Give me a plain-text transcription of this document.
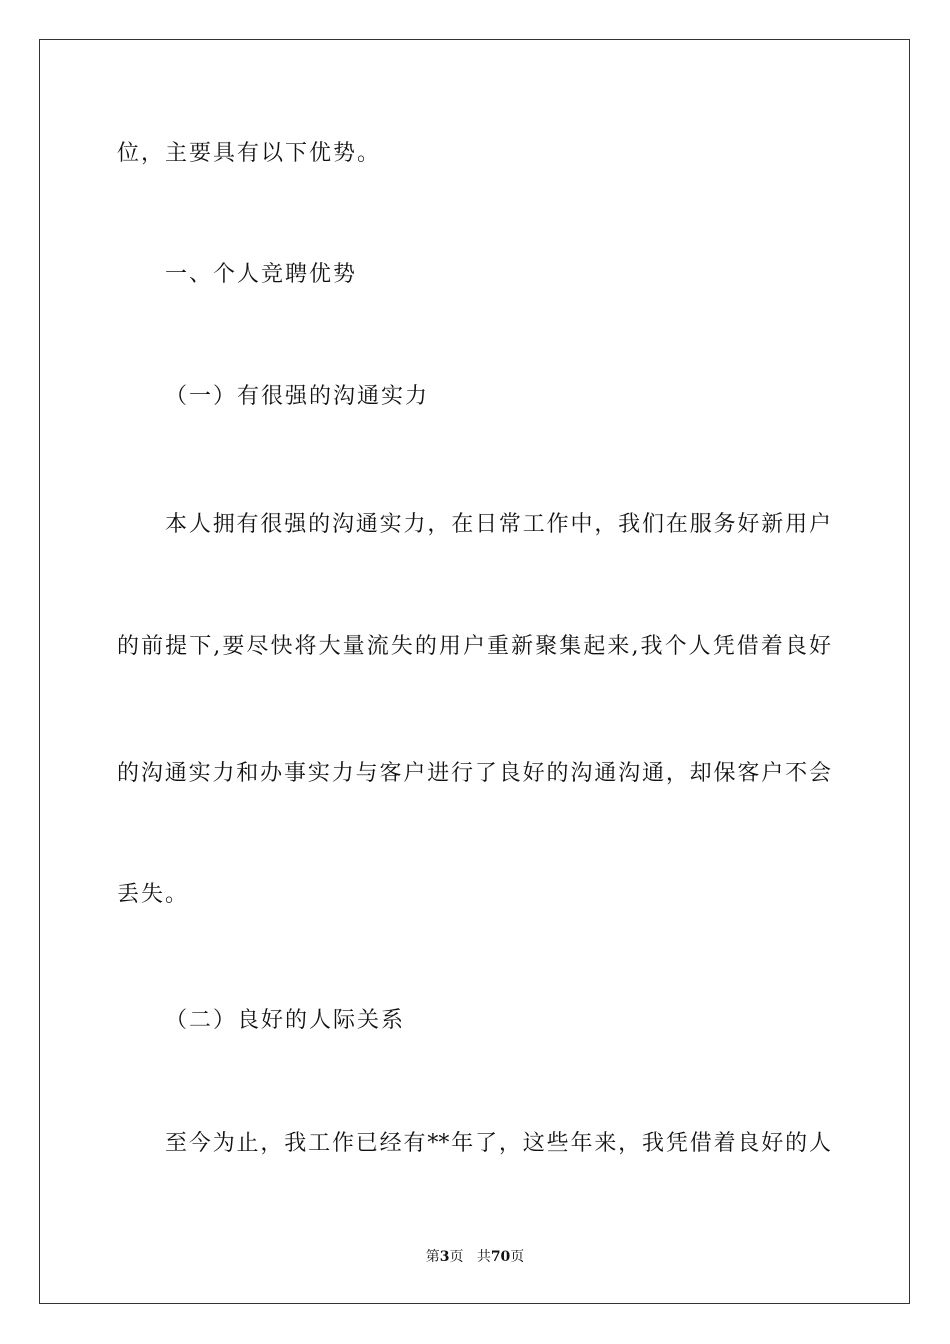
位，主要具有以下优势。
一、个人竞聘优势
（一）有很强的沟通实力
本人拥有很强的沟通实力，在日常工作中，我们在服务好新用户
的前提下,要尽快将大量流失的用户重新聚集起来,我个人凭借着良好
的沟通实力和办事实力与客户进行了良好的沟通沟通，却保客户不会
丢失。
（二）良好的人际关系
至今为止，我工作已经有**年了，这些年来，我凭借着良好的人
第3页 共70页
